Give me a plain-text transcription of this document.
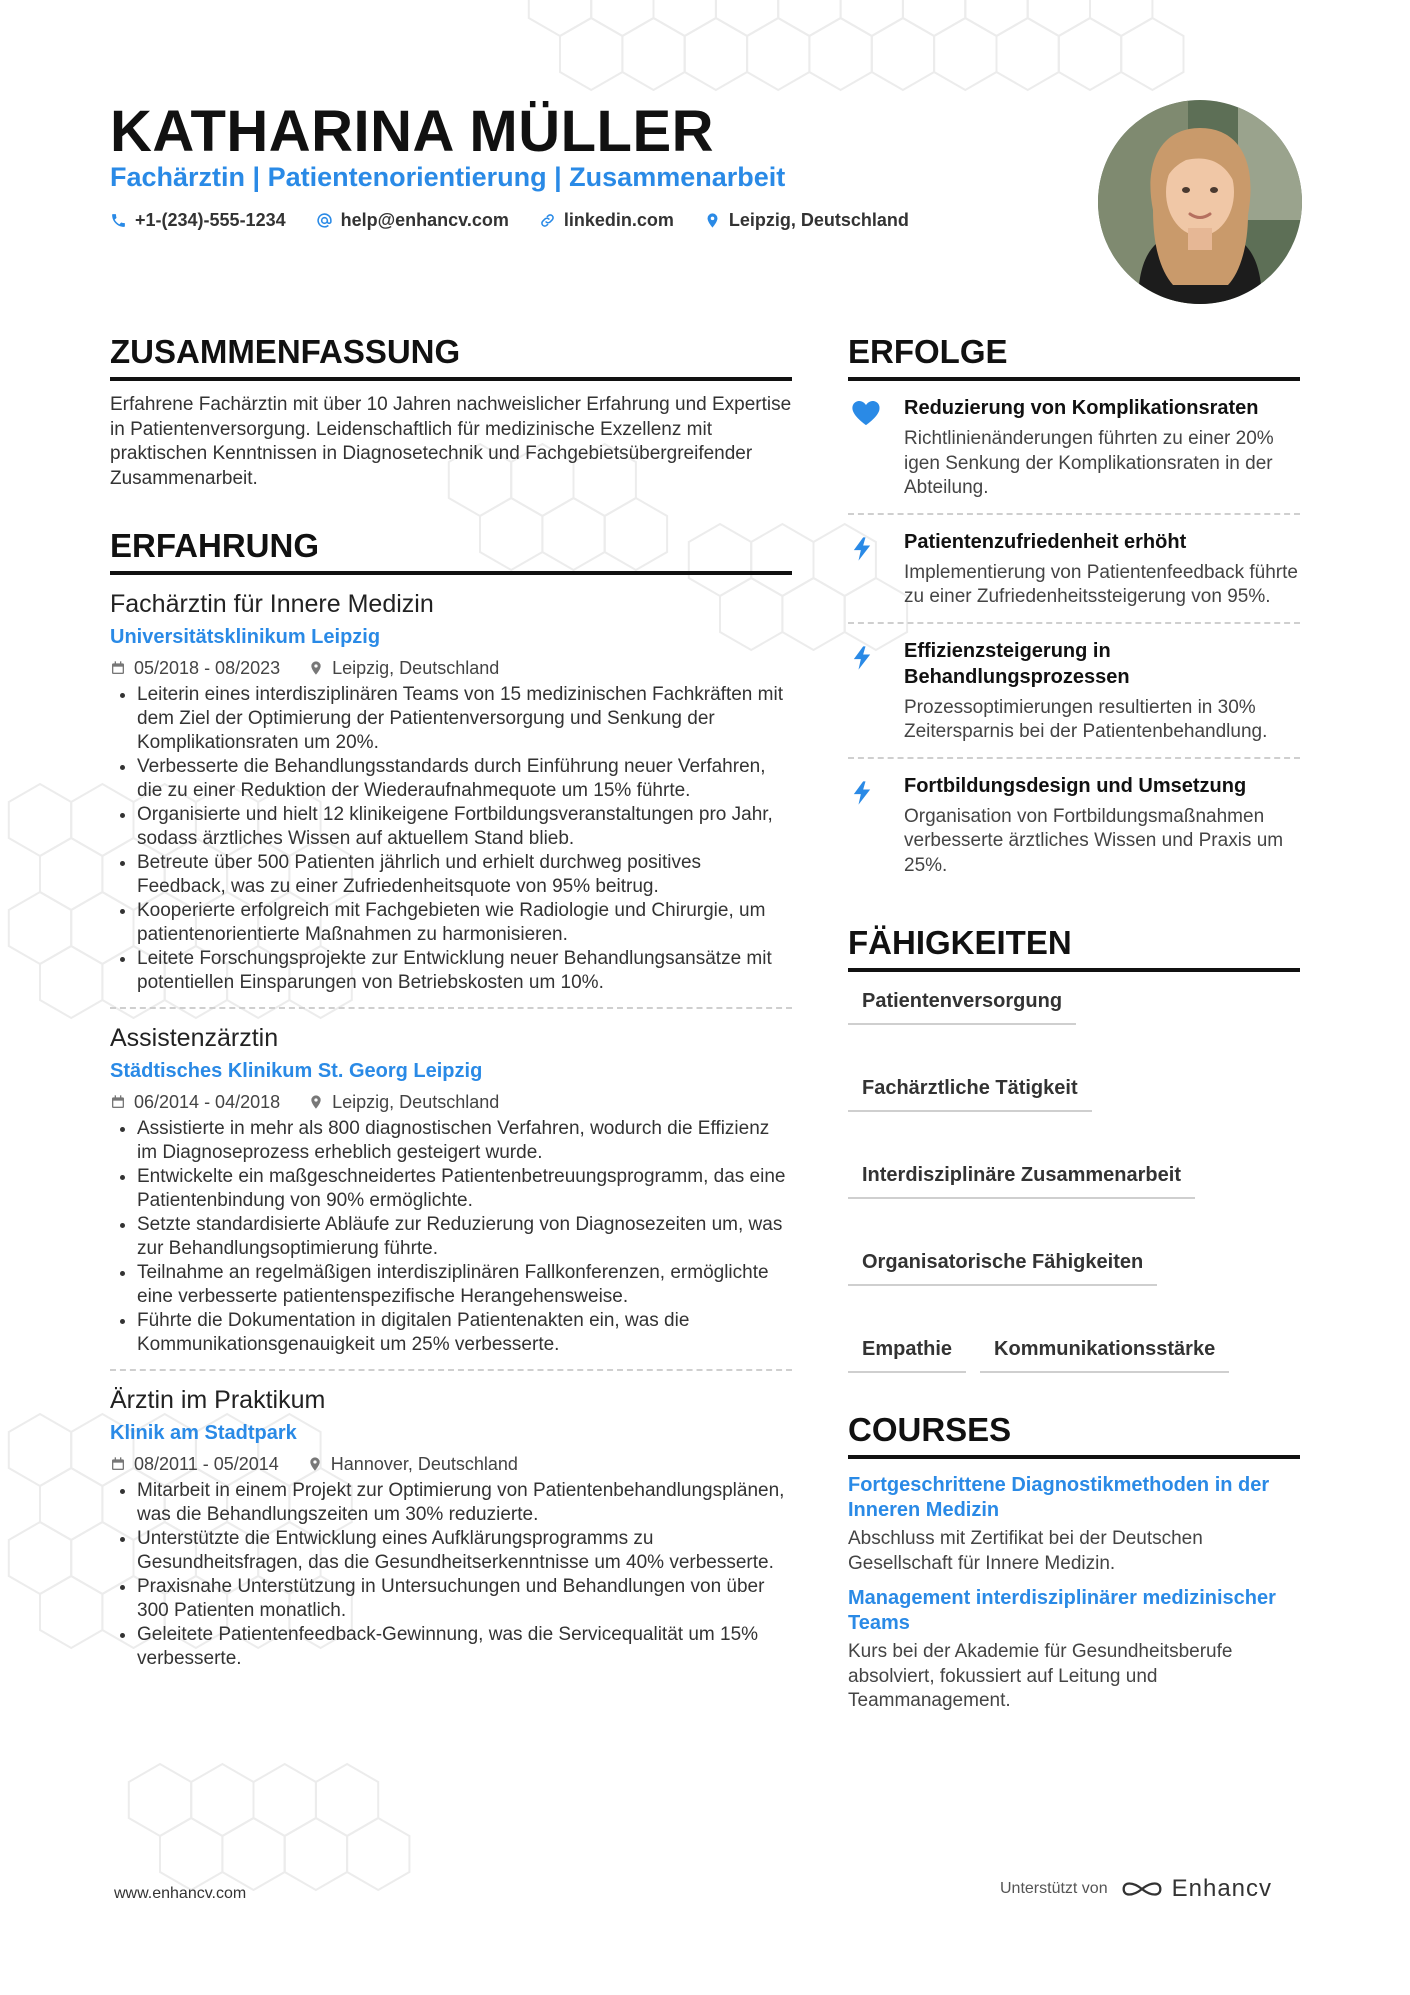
KATHARINA MÜLLER
Fachärztin | Patientenorientierung | Zusammenarbeit
+1-(234)-555-1234	help@enhancv.com	linkedin.com	Leipzig, Deutschland
ZUSAMMENFASSUNG

Erfahrene Fachärztin mit über 10 Jahren nachweislicher Erfahrung und Expertise in Patientenversorgung. Leidenschaftlich für medizinische Exzellenz mit praktischen Kenntnissen in Diagnosetechnik und Fachgebietsübergreifender Zusammenarbeit.

ERFAHRUNG
Fachärztin für Innere Medizin
Universitätsklinikum Leipzig
05/2018 - 08/2023	Leipzig, Deutschland
• Leiterin eines interdisziplinären Teams von 15 medizinischen Fachkräften mit dem Ziel der Optimierung der Patientenversorgung und Senkung der Komplikationsraten um 20%.
• Verbesserte die Behandlungsstandards durch Einführung neuer Verfahren, die zu einer Reduktion der Wiederaufnahmequote um 15% führte.
• Organisierte und hielt 12 klinikeigene Fortbildungsveranstaltungen pro Jahr, sodass ärztliches Wissen auf aktuellem Stand blieb.
• Betreute über 500 Patienten jährlich und erhielt durchweg positives Feedback, was zu einer Zufriedenheitsquote von 95% beitrug.
• Kooperierte erfolgreich mit Fachgebieten wie Radiologie und Chirurgie, um patientenorientierte Maßnahmen zu harmonisieren.
• Leitete Forschungsprojekte zur Entwicklung neuer Behandlungsansätze mit potentiellen Einsparungen von Betriebskosten um 10%.
Assistenzärztin
Städtisches Klinikum St. Georg Leipzig
06/2014 - 04/2018	Leipzig, Deutschland
• Assistierte in mehr als 800 diagnostischen Verfahren, wodurch die Effizienz im Diagnoseprozess erheblich gesteigert wurde.
• Entwickelte ein maßgeschneidertes Patientenbetreuungsprogramm, das eine Patientenbindung von 90% ermöglichte.
• Setzte standardisierte Abläufe zur Reduzierung von Diagnosezeiten um, was zur Behandlungsoptimierung führte.
• Teilnahme an regelmäßigen interdisziplinären Fallkonferenzen, ermöglichte eine verbesserte patientenspezifische Herangehensweise.
• Führte die Dokumentation in digitalen Patientenakten ein, was die Kommunikationsgenauigkeit um 25% verbesserte.
Ärztin im Praktikum
Klinik am Stadtpark
08/2011 - 05/2014	Hannover, Deutschland
• Mitarbeit in einem Projekt zur Optimierung von Patientenbehandlungsplänen, was die Behandlungszeiten um 30% reduzierte.
• Unterstützte die Entwicklung eines Aufklärungsprogramms zu Gesundheitsfragen, das die Gesundheitserkenntnisse um 40% verbesserte.
• Praxisnahe Unterstützung in Untersuchungen und Behandlungen von über 300 Patienten monatlich.
• Geleitete Patientenfeedback-Gewinnung, was die Servicequalität um 15% verbesserte.
ERFOLGE

Reduzierung von Komplikationsraten

Richtlinienänderungen führten zu einer 20% igen Senkung der Komplikationsraten in der Abteilung.

Patientenzufriedenheit erhöht

Implementierung von Patientenfeedback führte zu einer Zufriedenheitssteigerung von 95%.

Effizienzsteigerung in Behandlungsprozessen

Prozessoptimierungen resultierten in 30% Zeitersparnis bei der Patientenbehandlung.

Fortbildungsdesign und Umsetzung

Organisation von Fortbildungsmaßnahmen verbesserte ärztliches Wissen und Praxis um 25%.

FÄHIGKEITEN
Patientenversorgung
Fachärztliche Tätigkeit
Interdisziplinäre Zusammenarbeit
Organisatorische Fähigkeiten
Empathie	Kommunikationsstärke
COURSES

Fortgeschrittene Diagnostikmethoden in der Inneren Medizin

Abschluss mit Zertifikat bei der Deutschen Gesellschaft für Innere Medizin.

Management interdisziplinärer medizinischer Teams

Kurs bei der Akademie für Gesundheitsberufe absolviert, fokussiert auf Leitung und Teammanagement.

www.enhancv.com	Unterstützt von	Enhancv
